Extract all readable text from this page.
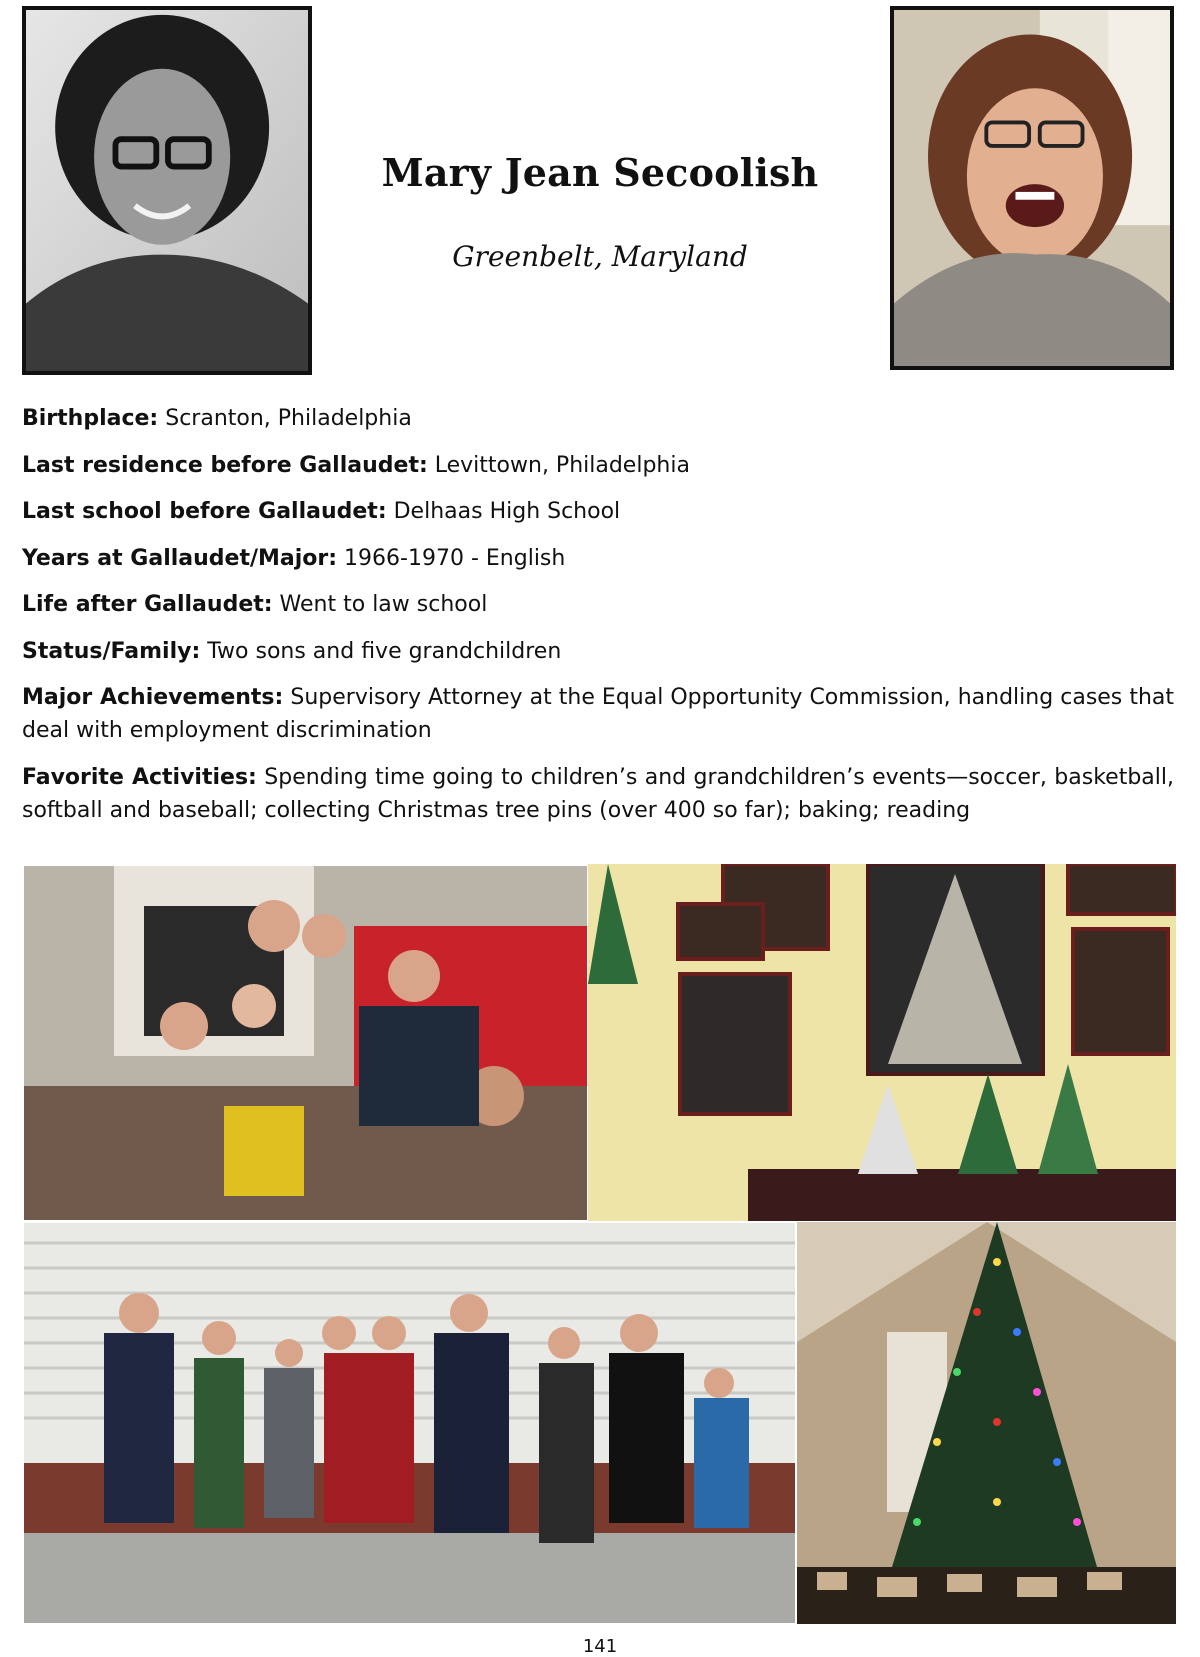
Mary Jean Secoolish
Greenbelt, Maryland

Birthplace: Scranton, Philadelphia

Last residence before Gallaudet: Levittown, Philadelphia

Last school before Gallaudet: Delhaas High School

Years at Gallaudet/Major: 1966-1970 - English

Life after Gallaudet: Went to law school

Status/Family: Two sons and five grandchildren

Major Achievements: Supervisory Attorney at the Equal Opportunity Commission, handling cases that deal with employment discrimination

Favorite Activities: Spending time going to children’s and grandchildren’s events—soccer, basketball, softball and baseball; collecting Christmas tree pins (over 400 so far); baking; reading

141
